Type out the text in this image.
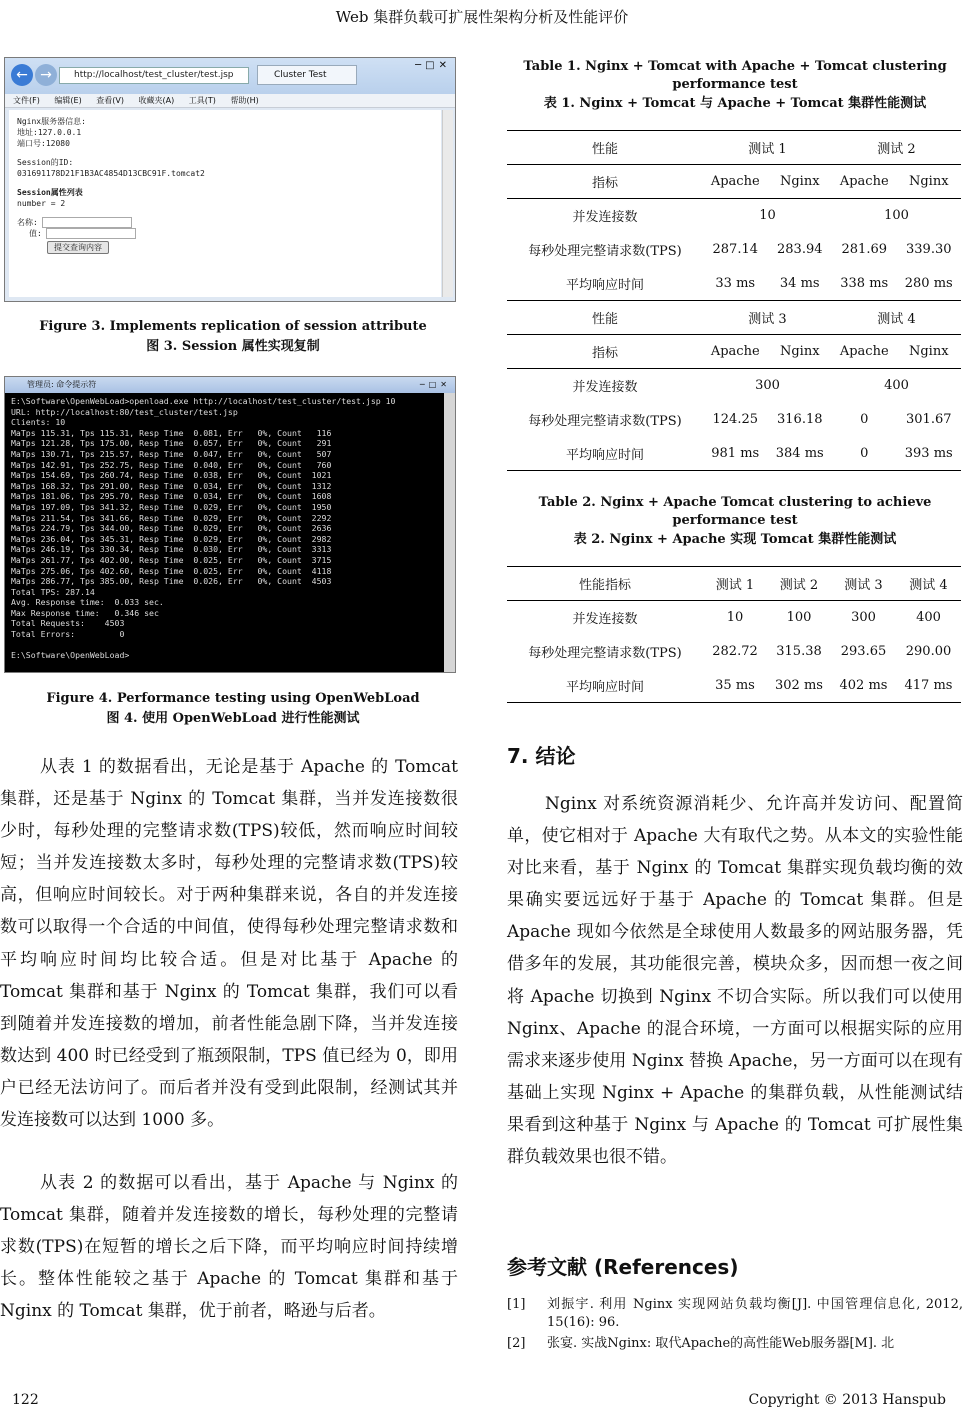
Web 集群负载可扩展性架构分析及性能评价
← →	http://localhost/test_cluster/test.jsp	Cluster Test
─□✕
文件(F) 编辑(E) 查看(V) 收藏夹(A) 工具(T) 帮助(H)
Nginx服务器信息:
地址:127.0.0.1
端口号:12080
Session的ID:
031691178D21F1B3AC4854D13CBC91F.tomcat2
Session属性列表
number = 2
名称:
值:
提交查询内容
Figure 3. Implements replication of session attribute
图 3. Session 属性实现复制
管理员: 命令提示符	─□✕
E:\Software\OpenWebLoad>openload.exe http://localhost/test_cluster/test.jsp 10
URL: http://localhost:80/test_cluster/test.jsp
Clients: 10
MaTps 115.31, Tps 115.31, Resp Time  0.081, Err   0%, Count   116
MaTps 121.28, Tps 175.00, Resp Time  0.057, Err   0%, Count   291
MaTps 130.71, Tps 215.57, Resp Time  0.047, Err   0%, Count   507
MaTps 142.91, Tps 252.75, Resp Time  0.040, Err   0%, Count   760
MaTps 154.69, Tps 260.74, Resp Time  0.038, Err   0%, Count  1021
MaTps 168.32, Tps 291.00, Resp Time  0.034, Err   0%, Count  1312
MaTps 181.06, Tps 295.70, Resp Time  0.034, Err   0%, Count  1608
MaTps 197.09, Tps 341.32, Resp Time  0.029, Err   0%, Count  1950
MaTps 211.54, Tps 341.66, Resp Time  0.029, Err   0%, Count  2292
MaTps 224.79, Tps 344.00, Resp Time  0.029, Err   0%, Count  2636
MaTps 236.04, Tps 345.31, Resp Time  0.029, Err   0%, Count  2982
MaTps 246.19, Tps 330.34, Resp Time  0.030, Err   0%, Count  3313
MaTps 261.77, Tps 402.00, Resp Time  0.025, Err   0%, Count  3715
MaTps 275.06, Tps 402.60, Resp Time  0.025, Err   0%, Count  4118
MaTps 286.77, Tps 385.00, Resp Time  0.026, Err   0%, Count  4503
Total TPS: 287.14
Avg. Response time:  0.033 sec.
Max Response time:   0.346 sec
Total Requests:    4503
Total Errors:         0

E:\Software\OpenWebLoad>
Figure 4. Performance testing using OpenWebLoad
图 4. 使用 OpenWebLoad 进行性能测试
从表 1 的数据看出，无论是基于 Apache 的 Tomcat 集群，还是基于 Nginx 的 Tomcat 集群，当并发连接数很少时，每秒处理的完整请求数(TPS)较低，然而响应时间较短；当并发连接数太多时，每秒处理的完整请求数(TPS)较高，但响应时间较长。对于两种集群来说，各自的并发连接数可以取得一个合适的中间值，使得每秒处理完整请求数和平均响应时间均比较合适。但是对比基于 Apache 的 Tomcat 集群和基于 Nginx 的 Tomcat 集群，我们可以看到随着并发连接数的增加，前者性能急剧下降，当并发连接数达到 400 时已经受到了瓶颈限制，TPS 值已经为 0，即用户已经无法访问了。而后者并没有受到此限制，经测试其并发连接数可以达到 1000 多。
从表 2 的数据可以看出，基于 Apache 与 Nginx 的 Tomcat 集群，随着并发连接数的增长，每秒处理的完整请求数(TPS)在短暂的增长之后下降，而平均响应时间持续增长。整体性能较之基于 Apache 的 Tomcat 集群和基于 Nginx 的 Tomcat 集群，优于前者，略逊与后者。
Table 1. Nginx + Tomcat with Apache + Tomcat clustering performance test
表 1. Nginx + Tomcat 与 Apache + Tomcat 集群性能测试
性能	测试 1	测试 2
指标	Apache Nginx	Apache Nginx

并发连接数	10	100
每秒处理完整请求数(TPS)	287.14 283.94	281.69 339.30

平均响应时间	33 ms 34 ms	338 ms 280 ms

性能	测试 3	测试 4
指标	Apache Nginx	Apache Nginx

并发连接数	300	400
每秒处理完整请求数(TPS)	124.25 316.18	0 301.67

平均响应时间	981 ms 384 ms	0 393 ms
Table 2. Nginx + Apache Tomcat clustering to achieve performance test
表 2. Nginx + Apache 实现 Tomcat 集群性能测试
性能指标	测试 1	测试 2	测试 3	测试 4
并发连接数	10	100	300	400
每秒处理完整请求数(TPS)	282.72	315.38	293.65	290.00
平均响应时间	35 ms	302 ms	402 ms	417 ms
7. 结论
Nginx 对系统资源消耗少、允许高并发访问、配置简单，使它相对于 Apache 大有取代之势。从本文的实验性能对比来看，基于 Nginx 的 Tomcat 集群实现负载均衡的效果确实要远远好于基于 Apache 的 Tomcat 集群。但是 Apache 现如今依然是全球使用人数最多的网站服务器，凭借多年的发展，其功能很完善，模块众多，因而想一夜之间将 Apache 切换到 Nginx 不切合实际。所以我们可以使用 Nginx、Apache 的混合环境，一方面可以根据实际的应用需求来逐步使用 Nginx 替换 Apache，另一方面可以在现有基础上实现 Nginx + Apache 的集群负载，从性能测试结果看到这种基于 Nginx 与 Apache 的 Tomcat 可扩展性集群负载效果也很不错。
参考文献 (References)
[1] 刘振宇. 利用 Nginx 实现网站负载均衡[J]. 中国管理信息化, 2012, 15(16): 96.
[2] 张宴. 实战Nginx: 取代Apache的高性能Web服务器[M]. 北
122	Copyright © 2013 Hanspub
